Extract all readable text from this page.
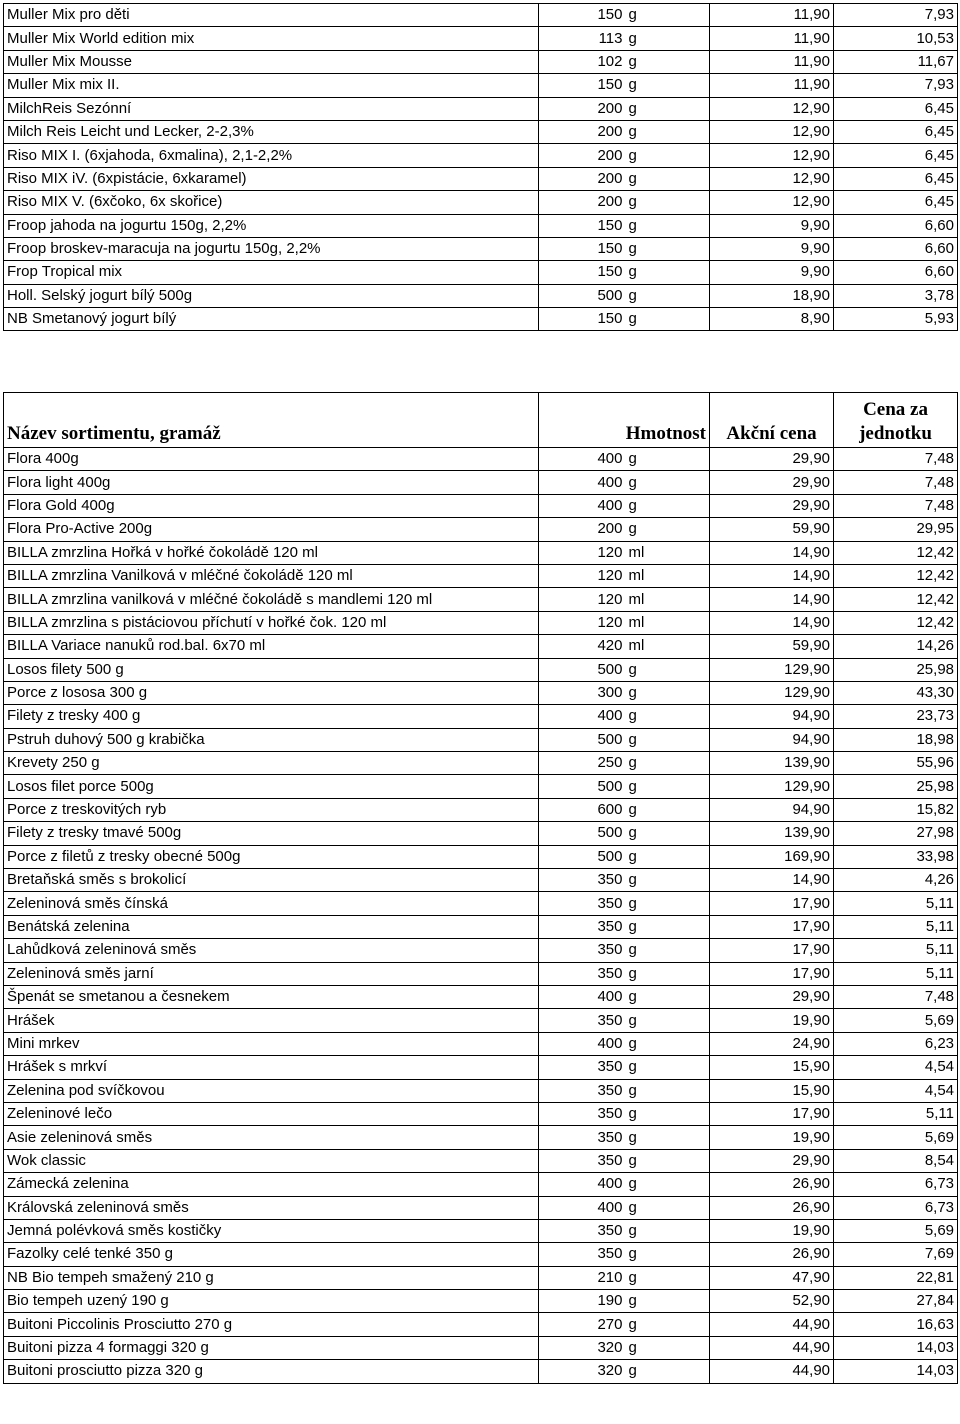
Muller Mix pro děti	150	g	11,90	7,93
Muller Mix World edition mix	113	g	11,90	10,53
Muller Mix Mousse	102	g	11,90	11,67
Muller Mix mix II.	150	g	11,90	7,93
MilchReis Sezónní	200	g	12,90	6,45
Milch Reis Leicht und Lecker, 2-2,3%	200	g	12,90	6,45
Riso MIX I. (6xjahoda, 6xmalina), 2,1-2,2%	200	g	12,90	6,45
Riso MIX iV. (6xpistácie, 6xkaramel)	200	g	12,90	6,45
Riso MIX V. (6xčoko, 6x skořice)	200	g	12,90	6,45
Froop jahoda na jogurtu 150g, 2,2%	150	g	9,90	6,60
Froop broskev-maracuja na jogurtu 150g, 2,2%	150	g	9,90	6,60
Frop Tropical mix	150	g	9,90	6,60
Holl. Selský jogurt bílý 500g	500	g	18,90	3,78
NB Smetanový jogurt bílý	150	g	8,90	5,93
Název sortimentu, gramáž	Hmotnost		Akční cena	Cena za jednotku
Flora 400g	400	g	29,90	7,48
Flora light 400g	400	g	29,90	7,48
Flora Gold 400g	400	g	29,90	7,48
Flora Pro-Active 200g	200	g	59,90	29,95
BILLA zmrzlina Hořká v hořké čokoládě 120 ml	120	ml	14,90	12,42
BILLA zmrzlina Vanilková v mléčné čokoládě 120 ml	120	ml	14,90	12,42
BILLA zmrzlina vanilková v mléčné čokoládě s mandlemi 120 ml	120	ml	14,90	12,42
BILLA zmrzlina s pistáciovou příchutí v hořké čok. 120 ml	120	ml	14,90	12,42
BILLA Variace nanuků rod.bal. 6x70 ml	420	ml	59,90	14,26
Losos filety 500 g	500	g	129,90	25,98
Porce z lososa 300 g	300	g	129,90	43,30
Filety z tresky 400 g	400	g	94,90	23,73
Pstruh duhový 500 g krabička	500	g	94,90	18,98
Krevety 250 g	250	g	139,90	55,96
Losos filet porce 500g	500	g	129,90	25,98
Porce z treskovitých ryb	600	g	94,90	15,82
Filety z tresky tmavé 500g	500	g	139,90	27,98
Porce z filetů z tresky obecné 500g	500	g	169,90	33,98
Bretaňská směs s brokolicí	350	g	14,90	4,26
Zeleninová směs čínská	350	g	17,90	5,11
Benátská zelenina	350	g	17,90	5,11
Lahůdková zeleninová směs	350	g	17,90	5,11
Zeleninová směs jarní	350	g	17,90	5,11
Špenát se smetanou a česnekem	400	g	29,90	7,48
Hrášek	350	g	19,90	5,69
Mini mrkev	400	g	24,90	6,23
Hrášek s mrkví	350	g	15,90	4,54
Zelenina pod svíčkovou	350	g	15,90	4,54
Zeleninové lečo	350	g	17,90	5,11
Asie zeleninová směs	350	g	19,90	5,69
Wok classic	350	g	29,90	8,54
Zámecká zelenina	400	g	26,90	6,73
Královská zeleninová směs	400	g	26,90	6,73
Jemná polévková směs kostičky	350	g	19,90	5,69
Fazolky celé tenké 350 g	350	g	26,90	7,69
NB Bio tempeh smažený 210 g	210	g	47,90	22,81
Bio tempeh uzený 190 g	190	g	52,90	27,84
Buitoni Piccolinis Prosciutto 270 g	270	g	44,90	16,63
Buitoni pizza 4 formaggi 320 g	320	g	44,90	14,03
Buitoni prosciutto pizza 320 g	320	g	44,90	14,03
